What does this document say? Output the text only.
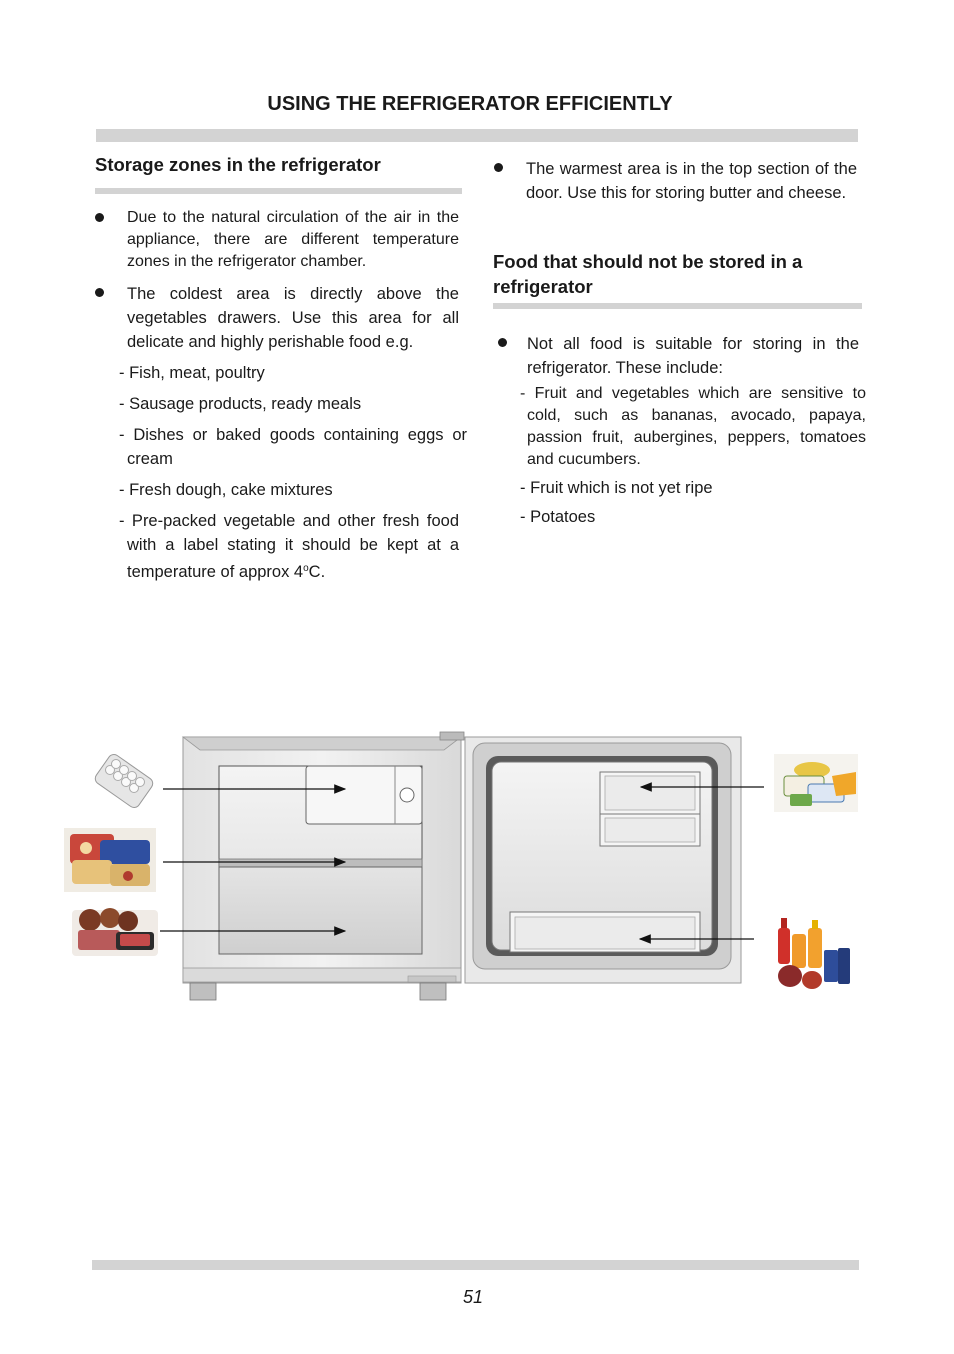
USING THE REFRIGERATOR EFFICIENTLY
Storage zones in the refrigerator
Due to the natural circulation of the air in the appliance, there are different temperature zones in the refrigerator chamber.
The coldest area is directly above the vegetables drawers. Use this area for all delicate and highly perishable food e.g.
- Fish, meat, poultry
- Sausage products, ready meals
- Dishes or baked goods containing eggs or cream
- Fresh dough, cake mixtures
- Pre-packed vegetable and other fresh food with a label stating it should be kept at a temperature of approx 4$^o$C.
The warmest area is in the top section of the door. Use this for storing butter and cheese.
Food that should not be stored in a refrigerator
Not all food is suitable for storing in the refrigerator. These include:
- Fruit and vegetables which are sensitive to cold, such as bananas, avocado, papaya, passion fruit, aubergines, peppers, tomatoes and cucumbers.
- Fruit which is not yet ripe
- Potatoes
51
